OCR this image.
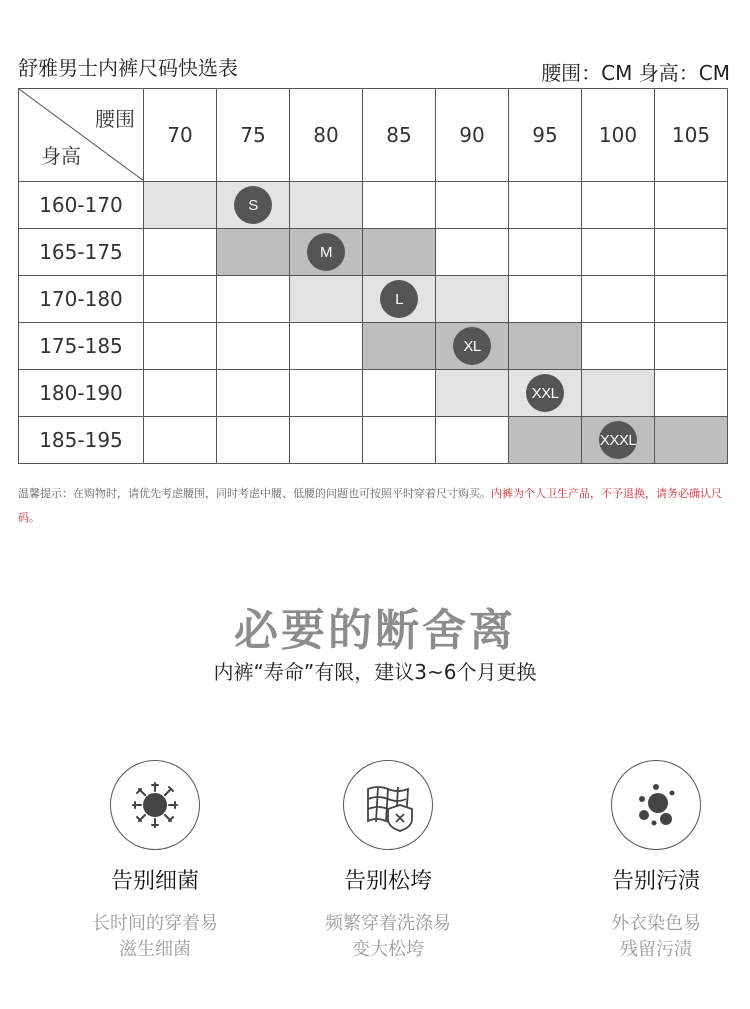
舒雅男士内裤尺码快选表	腰围：CM 身高：CM
腰围
身高	70	75	80	85	90	95	100	105
160-170		S						
165-175			M					
170-180				L				
175-185					XL			
180-190						XXL		
185-195							XXXL	
温馨提示：在购物时，请优先考虑腰围，同时考虑中腰、低腰的问题也可按照平时穿着尺寸购买。内裤为个人卫生产品，不予退换，请务必确认尺码。
必要的断舍离
内裤“寿命”有限，建议3~6个月更换
告别细菌
长时间的穿着易
滋生细菌
告别松垮
频繁穿着洗涤易
变大松垮
告别污渍
外衣染色易
残留污渍
